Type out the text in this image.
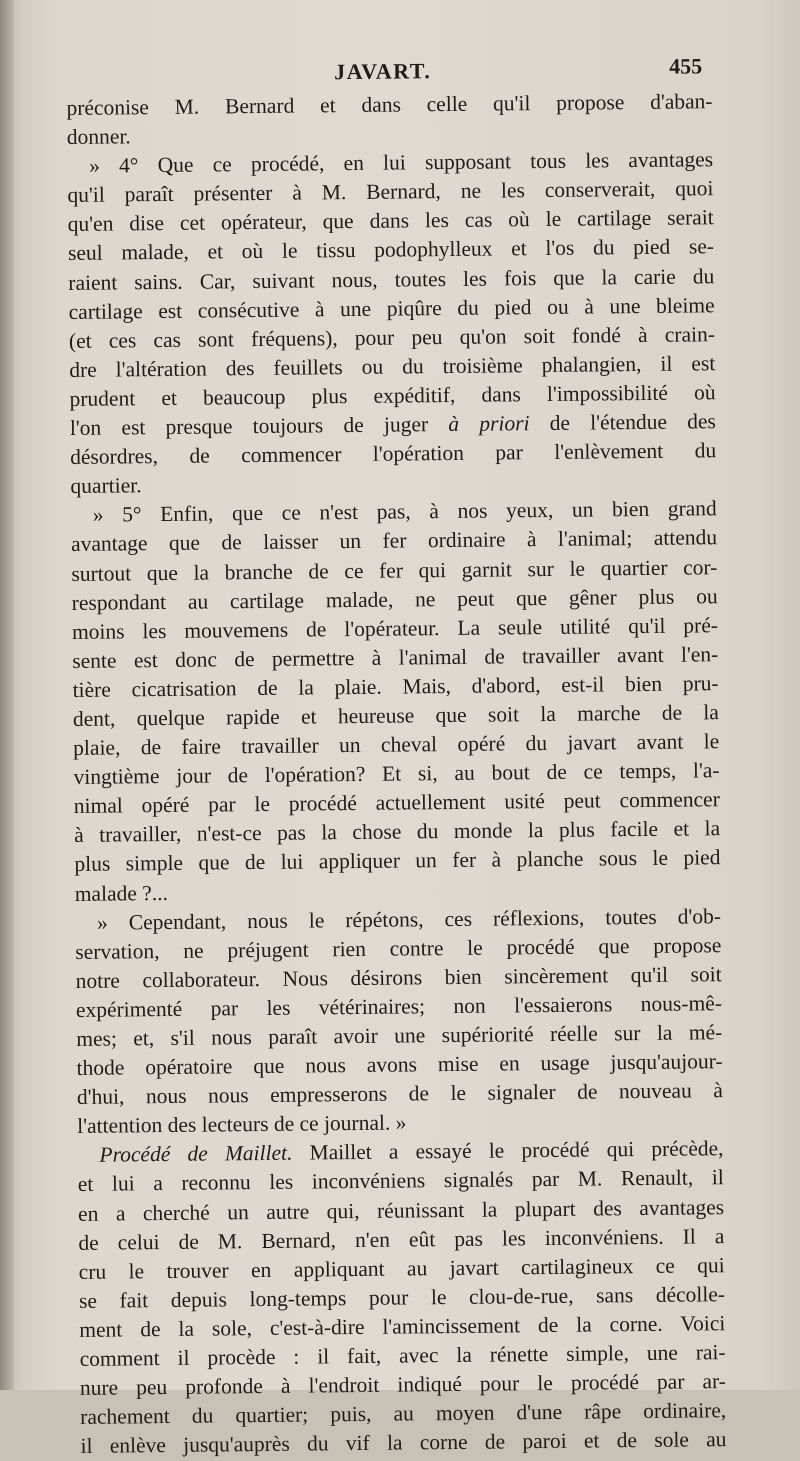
JAVART.	455
préconise M. Bernard et dans celle qu'il propose d'aban-
donner.
» 4° Que ce procédé, en lui supposant tous les avantages
qu'il paraît présenter à M. Bernard, ne les conserverait, quoi
qu'en dise cet opérateur, que dans les cas où le cartilage serait
seul malade, et où le tissu podophylleux et l'os du pied se-
raient sains. Car, suivant nous, toutes les fois que la carie du
cartilage est consécutive à une piqûre du pied ou à une bleime
(et ces cas sont fréquens), pour peu qu'on soit fondé à crain-
dre l'altération des feuillets ou du troisième phalangien, il est
prudent et beaucoup plus expéditif, dans l'impossibilité où
l'on est presque toujours de juger à priori de l'étendue des
désordres, de commencer l'opération par l'enlèvement du
quartier.
» 5° Enfin, que ce n'est pas, à nos yeux, un bien grand
avantage que de laisser un fer ordinaire à l'animal; attendu
surtout que la branche de ce fer qui garnit sur le quartier cor-
respondant au cartilage malade, ne peut que gêner plus ou
moins les mouvemens de l'opérateur. La seule utilité qu'il pré-
sente est donc de permettre à l'animal de travailler avant l'en-
tière cicatrisation de la plaie. Mais, d'abord, est-il bien pru-
dent, quelque rapide et heureuse que soit la marche de la
plaie, de faire travailler un cheval opéré du javart avant le
vingtième jour de l'opération? Et si, au bout de ce temps, l'a-
nimal opéré par le procédé actuellement usité peut commencer
à travailler, n'est-ce pas la chose du monde la plus facile et la
plus simple que de lui appliquer un fer à planche sous le pied
malade ?...
» Cependant, nous le répétons, ces réflexions, toutes d'ob-
servation, ne préjugent rien contre le procédé que propose
notre collaborateur. Nous désirons bien sincèrement qu'il soit
expérimenté par les vétérinaires; non l'essaierons nous-mê-
mes; et, s'il nous paraît avoir une supériorité réelle sur la mé-
thode opératoire que nous avons mise en usage jusqu'aujour-
d'hui, nous nous empresserons de le signaler de nouveau à
l'attention des lecteurs de ce journal. »
Procédé de Maillet. Maillet a essayé le procédé qui précède,
et lui a reconnu les inconvéniens signalés par M. Renault, il
en a cherché un autre qui, réunissant la plupart des avantages
de celui de M. Bernard, n'en eût pas les inconvéniens. Il a
cru le trouver en appliquant au javart cartilagineux ce qui
se fait depuis long-temps pour le clou-de-rue, sans décolle-
ment de la sole, c'est-à-dire l'amincissement de la corne. Voici
comment il procède : il fait, avec la rénette simple, une rai-
nure peu profonde à l'endroit indiqué pour le procédé par ar-
rachement du quartier; puis, au moyen d'une râpe ordinaire,
il enlève jusqu'auprès du vif la corne de paroi et de sole au
